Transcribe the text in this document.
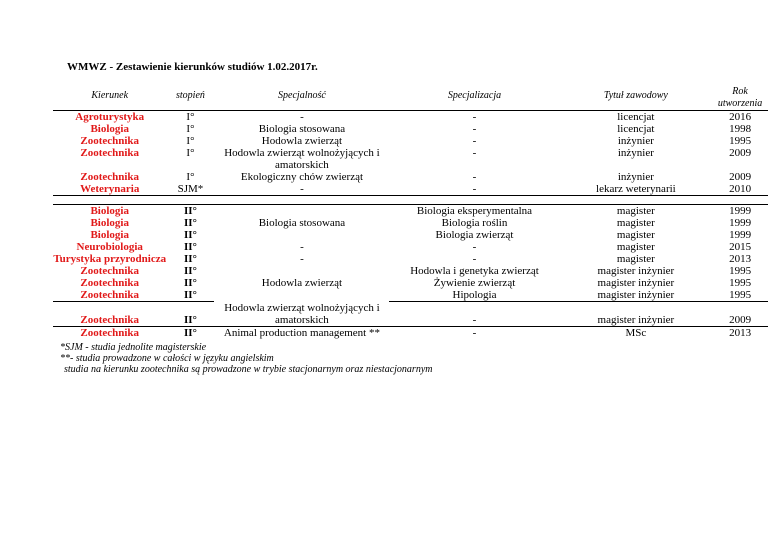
WMWZ - Zestawienie kierunków studiów 1.02.2017r.
Kierunek	stopień	Specjalność	Specjalizacja	Tytuł zawodowy	Rok utworzenia
Agroturystyka	I°	-	-	licencjat	2016
Biologia	I°	Biologia stosowana	-	licencjat	1998
Zootechnika	I°	Hodowla zwierząt	-	inżynier	1995
Zootechnika	I°	Hodowla zwierząt wolnożyjących i amatorskich	-	inżynier	2009
Zootechnika	I°	Ekologiczny chów zwierząt	-	inżynier	2009
Weterynaria	SJM*	-	-	lekarz weterynarii	2010

Biologia	II°	Biologia stosowana	Biologia eksperymentalna	magister	1999
Biologia	II°		Biologia roślin	magister	1999
Biologia	II°		Biologia zwierząt	magister	1999
Neurobiologia	II°	-	-	magister	2015
Turystyka przyrodnicza	II°	-	-	magister	2013
Zootechnika	II°	Hodowla zwierząt	Hodowla i genetyka zwierząt	magister inżynier	1995
Zootechnika	II°		Żywienie zwierząt	magister inżynier	1995
Zootechnika	II°		Hipologia	magister inżynier	1995
Zootechnika	II°	Hodowla zwierząt wolnożyjących i amatorskich	-	magister inżynier	2009
Zootechnika	II°	Animal production management **	-	MSc	2013
*SJM - studia jednolite magisterskie
**- studia prowadzone w całości w języku angielskim
studia na kierunku zootechnika są prowadzone w trybie stacjonarnym oraz niestacjonarnym
